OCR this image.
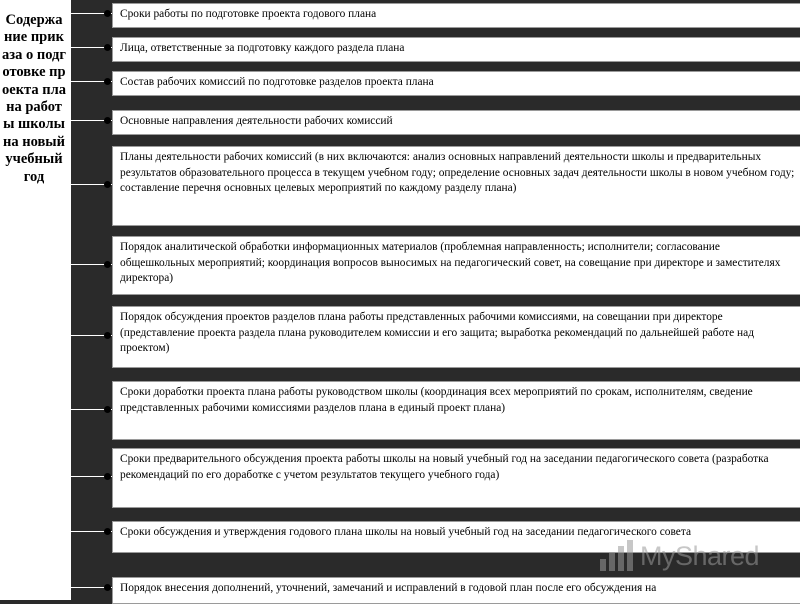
Содержание приказа о подготовке проекта плана работы школы на новый учебный год
Сроки работы по подготовке проекта годового плана
Лица, ответственные за подготовку каждого раздела плана
Состав рабочих комиссий по подготовке разделов проекта плана
Основные направления деятельности рабочих комиссий
Планы деятельности рабочих комиссий (в них включаются: анализ основных направлений деятельности школы и предварительных результатов образовательного процесса в текущем учебном году; определение основных задач деятельности школы в новом учебном году; составление перечня основных целевых мероприятий по каждому разделу плана)
Порядок аналитической обработки информационных материалов (проблемная направленность; исполнители; согласование общешкольных мероприятий; координация вопросов выносимых на педагогический совет, на совещание при директоре и заместителях директора)
Порядок обсуждения проектов разделов плана работы представленных рабочими комиссиями, на совещании при директоре (представление проекта раздела плана руководителем комиссии и его защита; выработка рекомендаций по дальнейшей работе над проектом)
Сроки доработки проекта плана работы руководством школы (координация всех мероприятий по срокам, исполнителям, сведение представленных рабочими комиссиями разделов плана в единый проект плана)
Сроки предварительного обсуждения проекта работы школы на новый учебный год на заседании педагогического совета (разработка рекомендаций по его доработке с учетом результатов текущего учебного года)
Сроки обсуждения и утверждения годового плана школы на новый учебный год на заседании педагогического совета
Порядок внесения дополнений, уточнений, замечаний и исправлений в годовой план после его обсуждения на
MyShared
